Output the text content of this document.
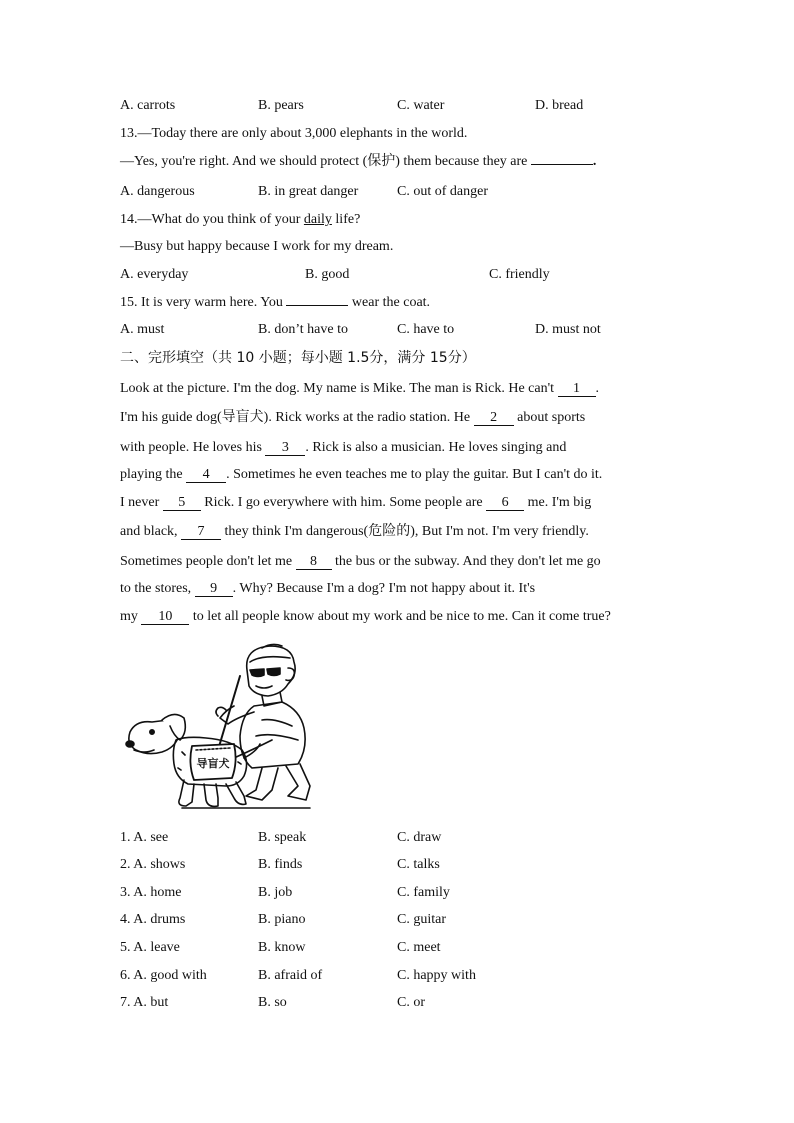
A. carrots	B. pears	C. water	D. bread
13.—Today there are only about 3,000 elephants in the world.
—Yes, you're right. And we should protect (保护) them because they are	.
A. dangerous	B. in great danger	C. out of danger
14.—What do you think of your daily life?
—Busy but happy because I work for my dream.
A. everyday	B. good	C. friendly
15. It is very warm here. You	wear the coat.
A. must	B. don’t have to	C. have to	D. must not
二、完形填空（共 10 小题；每小题 1.5分，满分 15分）
Look at the picture. I'm the dog. My name is Mike. The man is Rick. He can't 1 .
I'm his guide dog(导盲犬). Rick works at the radio station. He 2 about sports
with people. He loves his 3 . Rick is also a musician. He loves singing and
playing the 4 . Sometimes he even teaches me to play the guitar. But I can't do it.
I never 5 Rick. I go everywhere with him. Some people are 6 me. I'm big
and black, 7 they think I'm dangerous(危险的), But I'm not. I'm very friendly.
Sometimes people don't let me 8 the bus or the subway. And they don't let me go
to the stores, 9 . Why? Because I'm a dog? I'm not happy about it. It's
my 10 to let all people know about my work and be nice to me. Can it come true?
导盲犬
1. A. see	B. speak	C. draw
2. A. shows	B. finds	C. talks
3. A. home	B. job	C. family
4. A. drums	B. piano	C. guitar
5. A. leave	B. know	C. meet
6. A. good with	B. afraid of	C. happy with
7. A. but	B. so	C. or
